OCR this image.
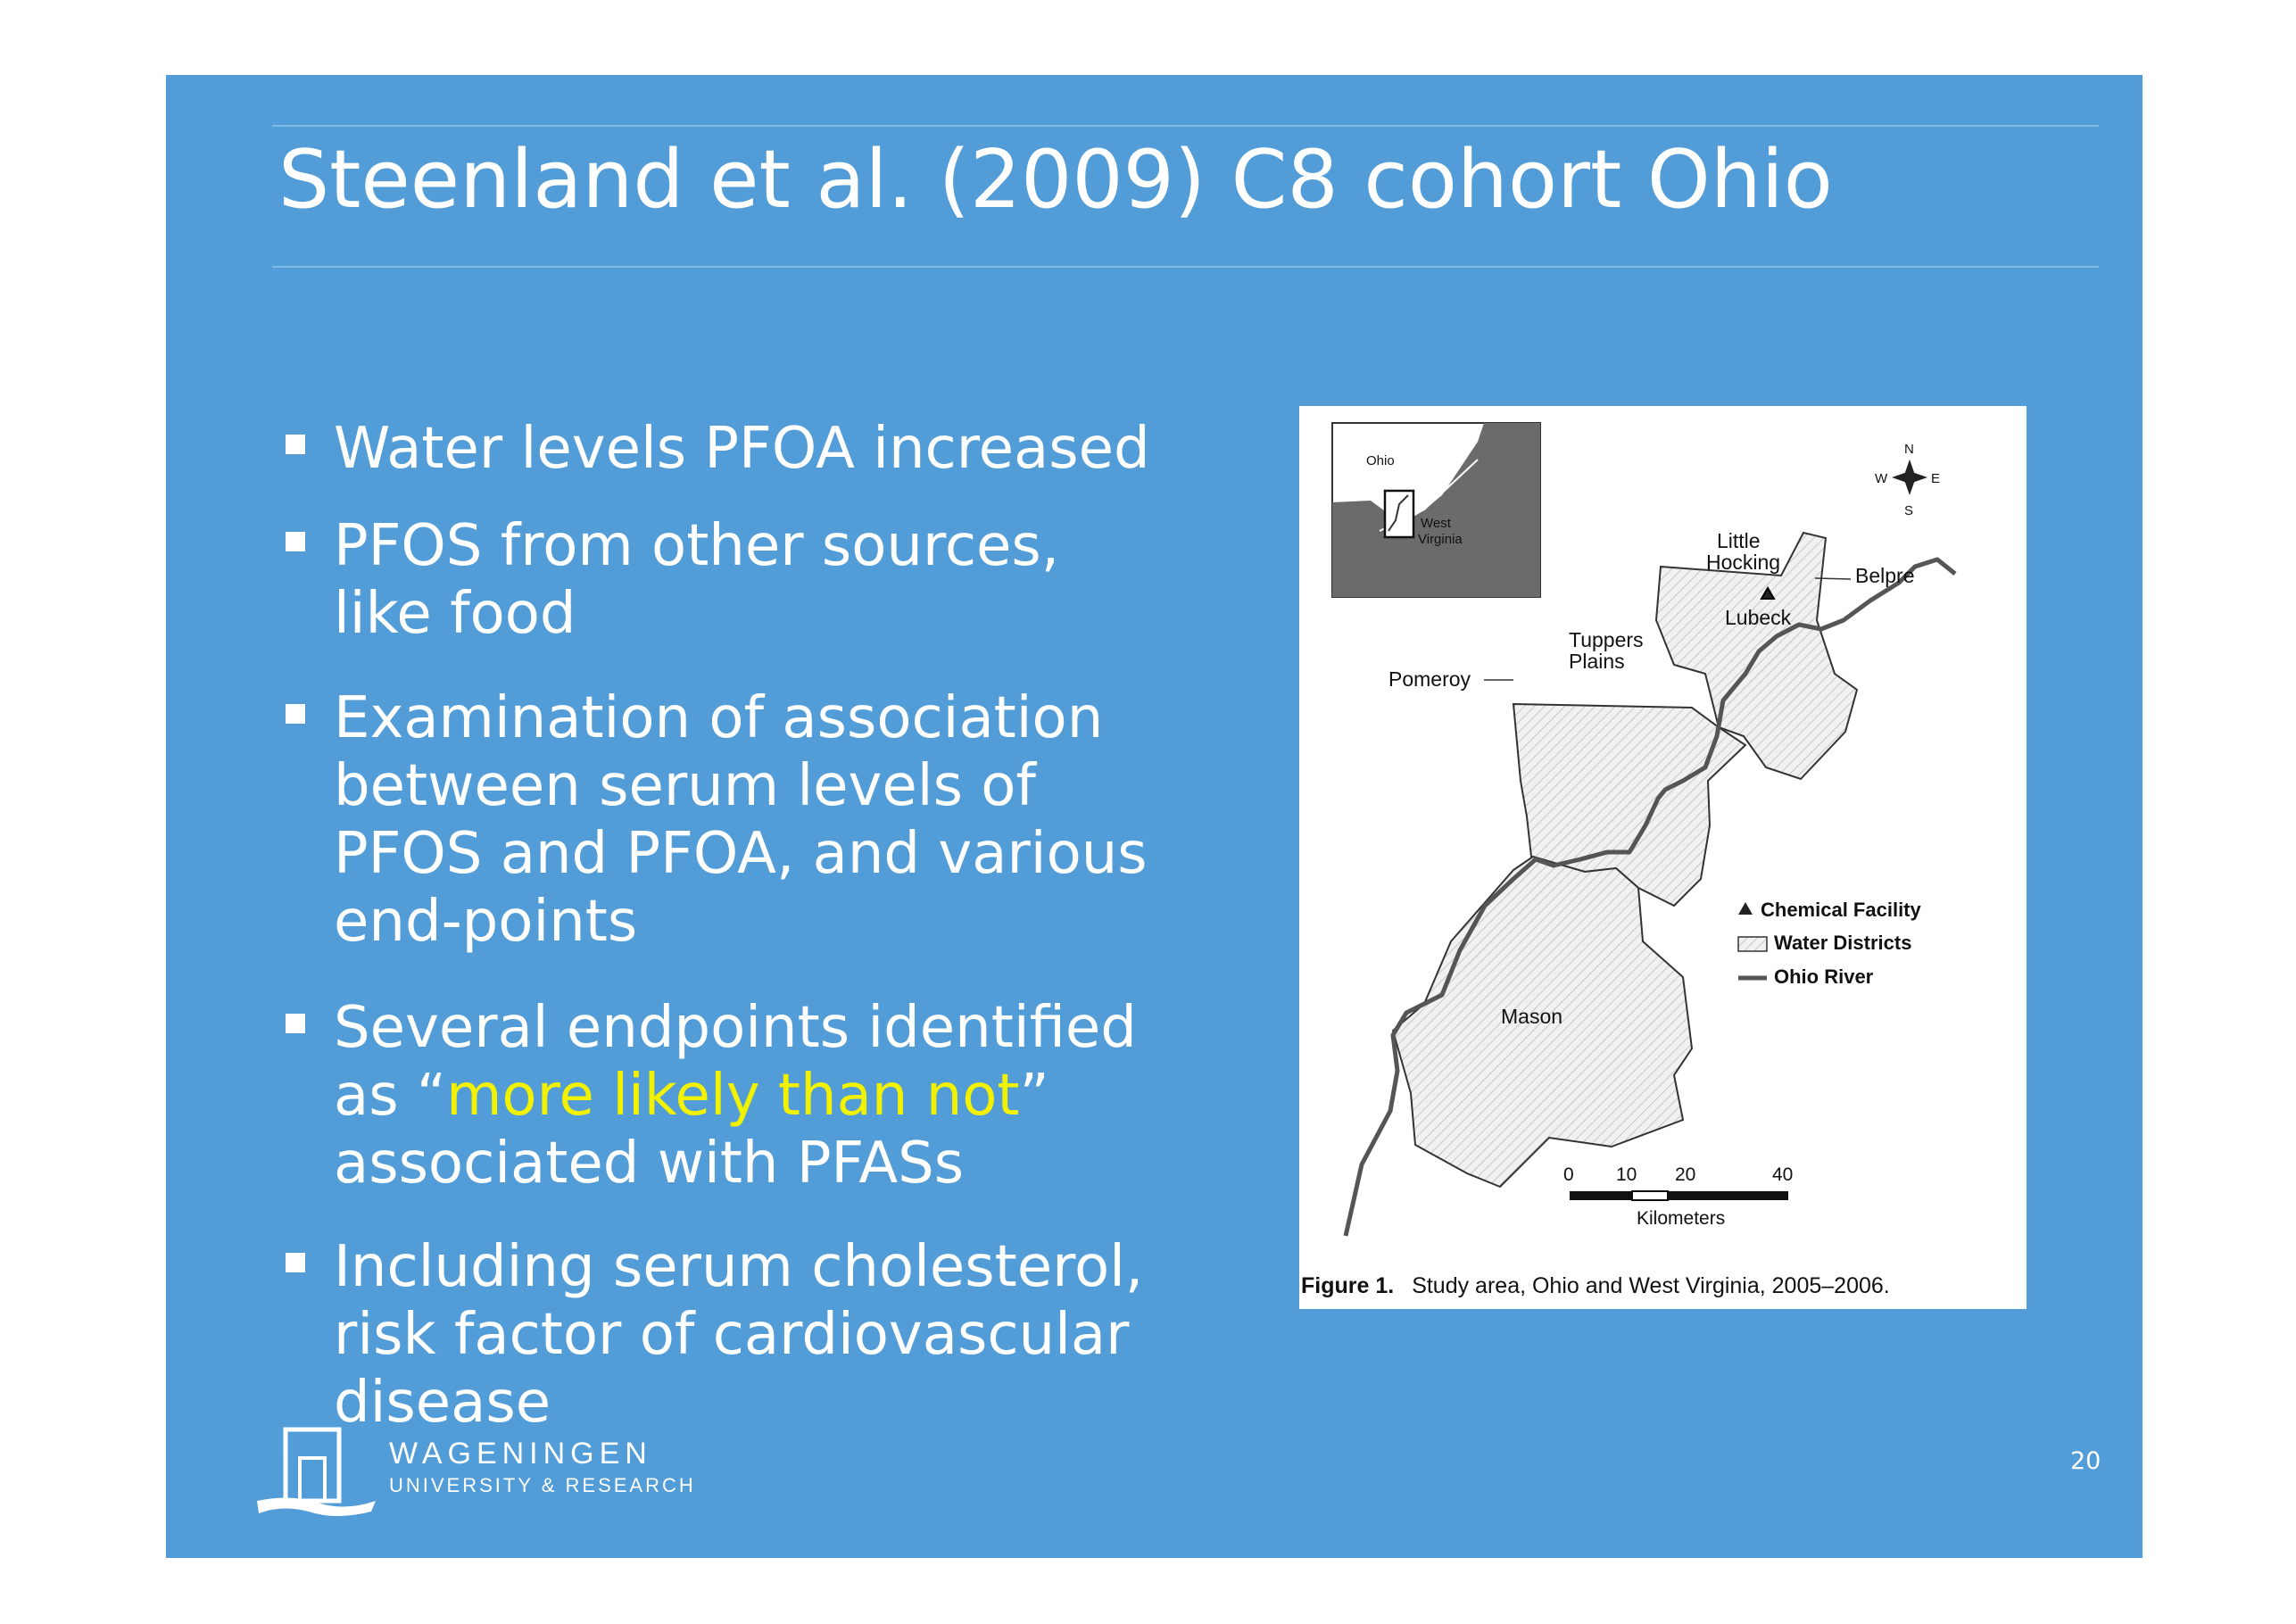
Steenland et al. (2009) C8 cohort Ohio
Water levels PFOA increased
PFOS from other sources,
like food
Examination of association
between serum levels of
PFOS and PFOA, and various
end-points
Several endpoints identified
as “more likely than not”
associated with PFASs
Including serum cholesterol,
risk factor of cardiovascular
disease
Ohio
West
Virginia
N
S
E
W
Little
Hocking
Belpre
Lubeck
Tuppers
Plains
Pomeroy
Mason
Chemical Facility
Water Districts
Ohio River
0 10 20	40
Kilometers
Figure 1. Study area, Ohio and West Virginia, 2005–2006.
WAGENINGEN
UNIVERSITY & RESEARCH
20
